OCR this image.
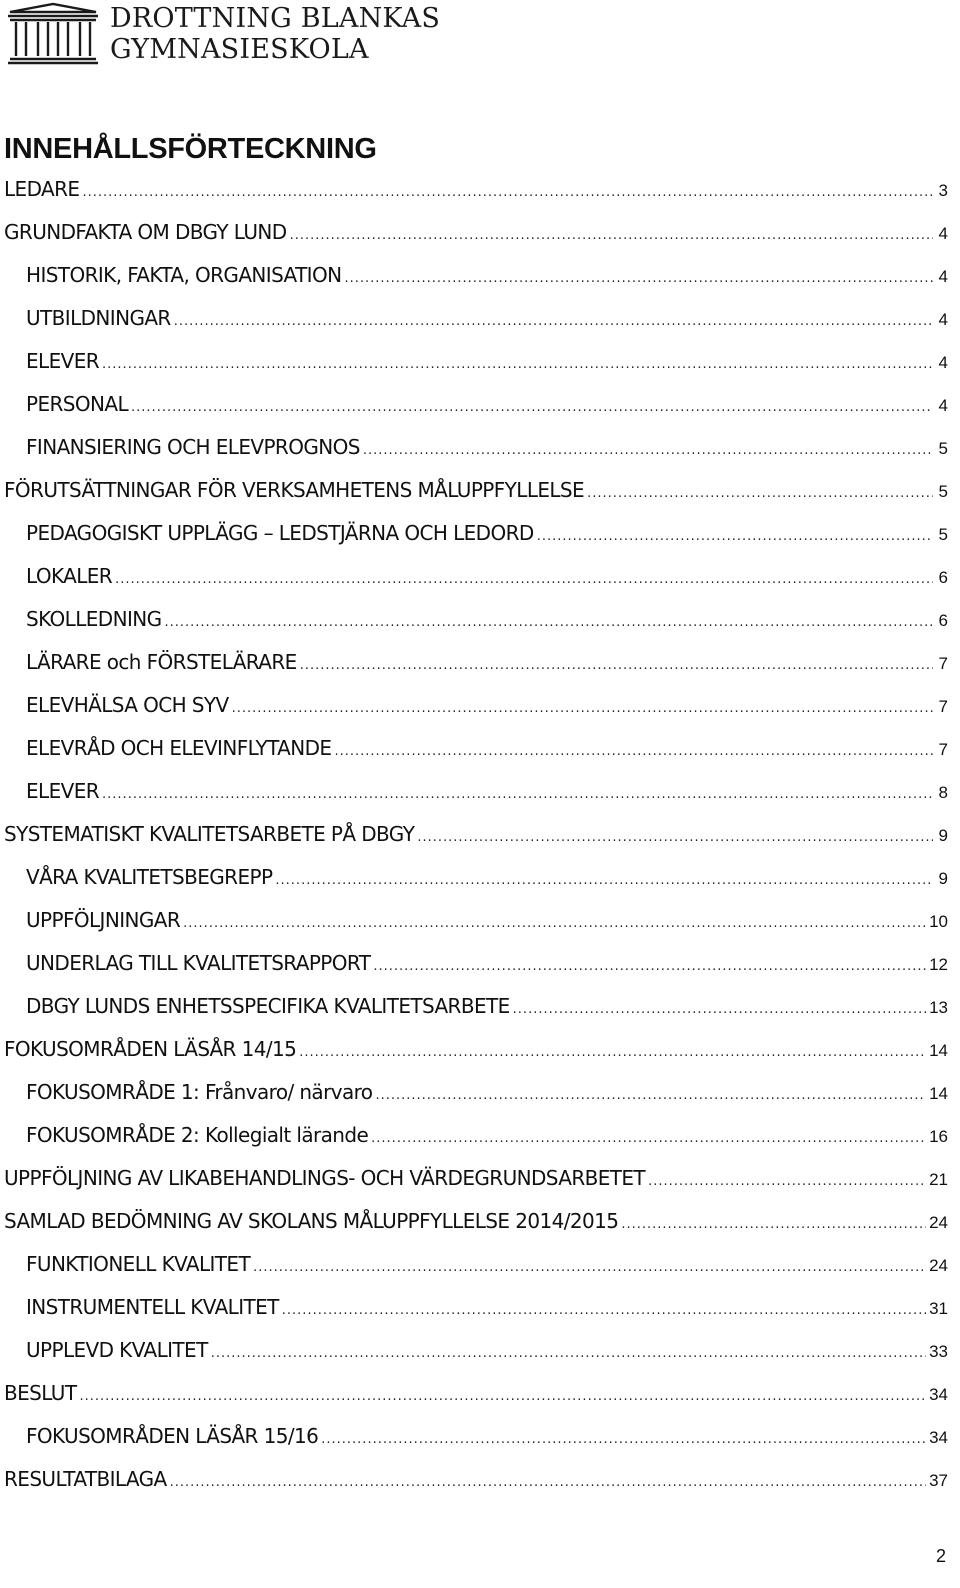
DROTTNING BLANKAS
GYMNASIESKOLA
INNEHÅLLSFÖRTECKNING
LEDARE .....	3
GRUNDFAKTA OM DBGY LUND .....	4
HISTORIK, FAKTA, ORGANISATION .....	4
UTBILDNINGAR .....	4
ELEVER .....	4
PERSONAL .....	4
FINANSIERING OCH ELEVPROGNOS .....	5
FÖRUTSÄTTNINGAR FÖR VERKSAMHETENS MÅLUPPFYLLELSE .....	5
PEDAGOGISKT UPPLÄGG – LEDSTJÄRNA OCH LEDORD .....	5
LOKALER .....	6
SKOLLEDNING .....	6
LÄRARE och FÖRSTELÄRARE .....	7
ELEVHÄLSA OCH SYV .....	7
ELEVRÅD OCH ELEVINFLYTANDE .....	7
ELEVER .....	8
SYSTEMATISKT KVALITETSARBETE PÅ DBGY .....	9
VÅRA KVALITETSBEGREPP .....	9
UPPFÖLJNINGAR .....	10
UNDERLAG TILL KVALITETSRAPPORT .....	12
DBGY LUNDS ENHETSSPECIFIKA KVALITETSARBETE .....	13
FOKUSOMRÅDEN LÄSÅR 14/15 .....	14
FOKUSOMRÅDE 1: Frånvaro/ närvaro .....	14
FOKUSOMRÅDE 2: Kollegialt lärande .....	16
UPPFÖLJNING AV LIKABEHANDLINGS- OCH VÄRDEGRUNDSARBETET .....	21
SAMLAD BEDÖMNING AV SKOLANS MÅLUPPFYLLELSE 2014/2015 .....	24
FUNKTIONELL KVALITET .....	24
INSTRUMENTELL KVALITET .....	31
UPPLEVD KVALITET .....	33
BESLUT .....	34
FOKUSOMRÅDEN LÄSÅR 15/16 .....	34
RESULTATBILAGA .....	37
2
